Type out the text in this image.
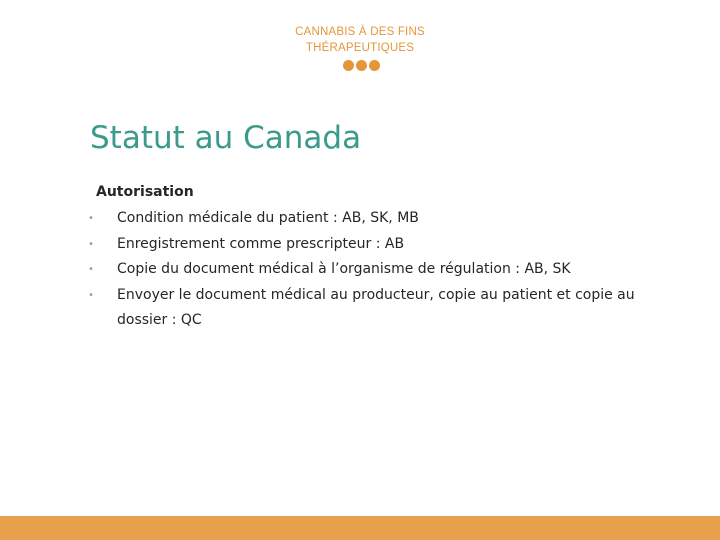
CANNABIS À DES FINS
THÉRAPEUTIQUES
Statut au Canada
Autorisation
• Condition médicale du patient : AB, SK, MB
• Enregistrement comme prescripteur : AB
• Copie du document médical à l’organisme de régulation : AB, SK
• Envoyer le document médical au producteur, copie au patient et copie au dossier : QC
